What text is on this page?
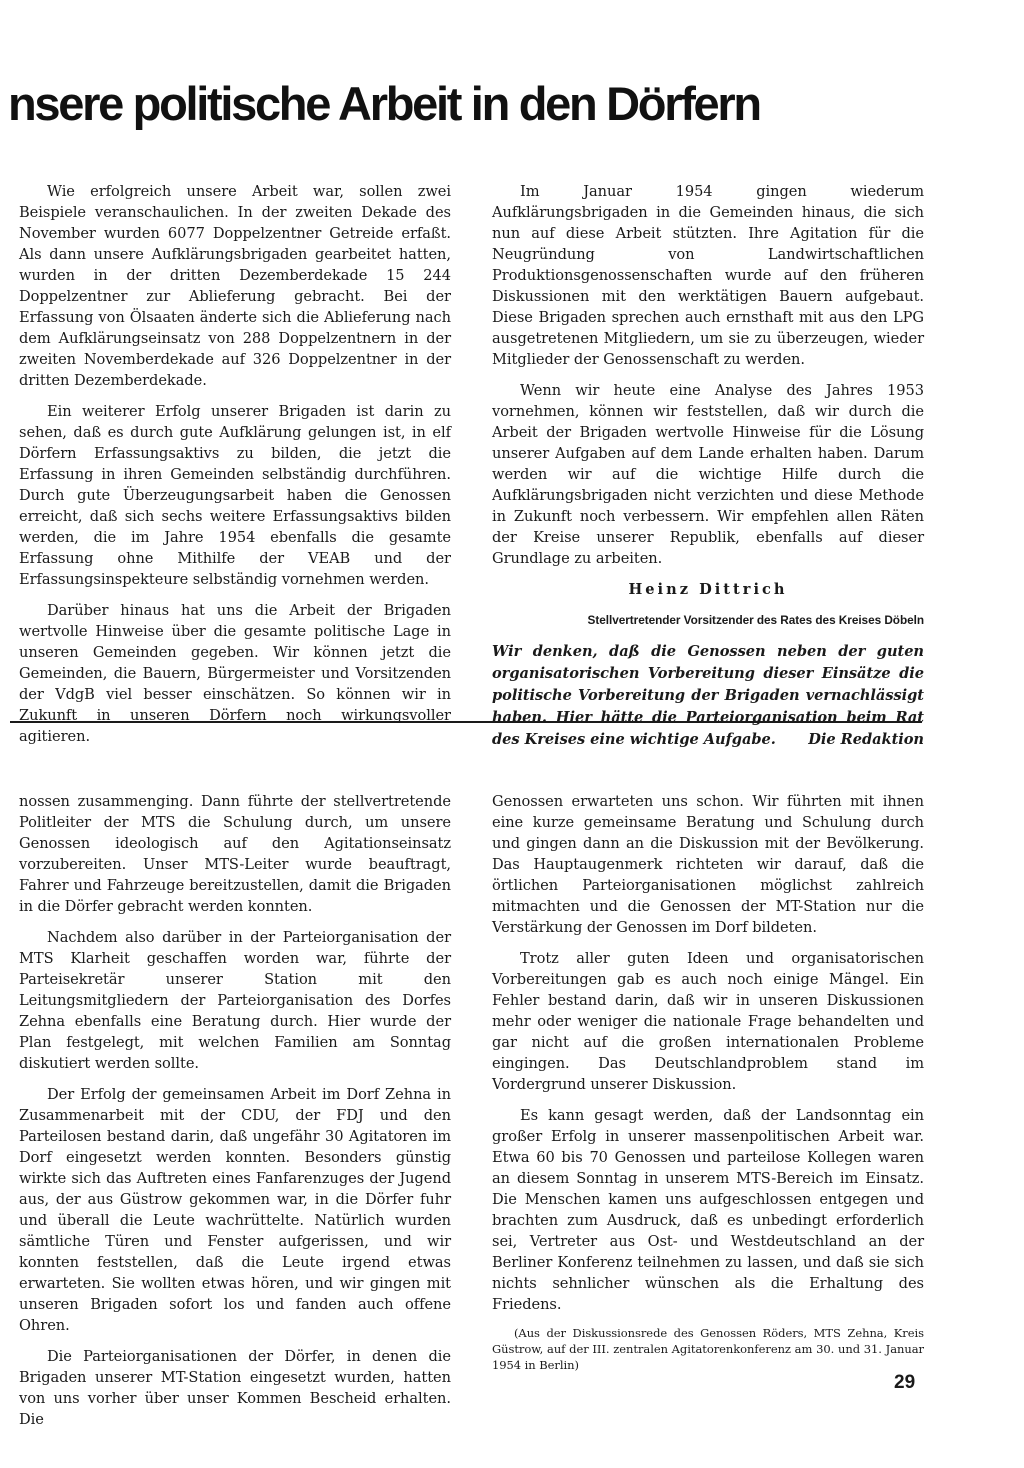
nsere politische Arbeit in den Dörfern

Wie erfolgreich unsere Arbeit war, sollen zwei Beispiele veranschaulichen. In der zweiten Dekade des November wurden 6077 Doppelzentner Getreide erfaßt. Als dann unsere Aufklärungsbrigaden gearbeitet hatten, wurden in der dritten Dezemberdekade 15 244 Doppelzentner zur Ablieferung gebracht. Bei der Erfassung von Ölsaaten änderte sich die Ablieferung nach dem Aufklärungseinsatz von 288 Doppelzentnern in der zweiten Novemberdekade auf 326 Doppelzentner in der dritten Dezemberdekade.

Ein weiterer Erfolg unserer Brigaden ist darin zu sehen, daß es durch gute Aufklärung gelungen ist, in elf Dörfern Erfassungsaktivs zu bilden, die jetzt die Erfassung in ihren Gemeinden selbständig durchführen. Durch gute Überzeugungsarbeit haben die Genossen erreicht, daß sich sechs weitere Erfassungsaktivs bilden werden, die im Jahre 1954 ebenfalls die gesamte Erfassung ohne Mithilfe der VEAB und der Erfassungsinspekteure selbständig vornehmen werden.

Darüber hinaus hat uns die Arbeit der Brigaden wertvolle Hinweise über die gesamte politische Lage in unseren Gemeinden gegeben. Wir können jetzt die Gemeinden, die Bauern, Bürgermeister und Vorsitzenden der VdgB viel besser einschätzen. So können wir in Zukunft in unseren Dörfern noch wirkungsvoller agitieren.

Im Januar 1954 gingen wiederum Aufklärungsbrigaden in die Gemeinden hinaus, die sich nun auf diese Arbeit stützten. Ihre Agitation für die Neugründung von Landwirtschaftlichen Produktionsgenossenschaften wurde auf den früheren Diskussionen mit den werktätigen Bauern aufgebaut. Diese Brigaden sprechen auch ernsthaft mit aus den LPG ausgetretenen Mitgliedern, um sie zu überzeugen, wieder Mitglieder der Genossenschaft zu werden.

Wenn wir heute eine Analyse des Jahres 1953 vornehmen, können wir feststellen, daß wir durch die Arbeit der Brigaden wertvolle Hinweise für die Lösung unserer Aufgaben auf dem Lande erhalten haben. Darum werden wir auf die wichtige Hilfe durch die Aufklärungsbrigaden nicht verzichten und diese Methode in Zukunft noch verbessern. Wir empfehlen allen Räten der Kreise unserer Republik, ebenfalls auf dieser Grundlage zu arbeiten.

Heinz Dittrich

Stellvertretender Vorsitzender des Rates des Kreises Döbeln

Wir denken, daß die Genossen neben der guten organisatorischen Vorbereitung dieser Einsätze die politische Vorbereitung der Brigaden vernachlässigt haben. Hier hätte die Parteiorganisation beim Rat des Kreises eine wichtige Aufgabe. Die Redaktion

nossen zusammenging. Dann führte der stellvertretende Politleiter der MTS die Schulung durch, um unsere Genossen ideologisch auf den Agitationseinsatz vorzubereiten. Unser MTS-Leiter wurde beauftragt, Fahrer und Fahrzeuge bereitzustellen, damit die Brigaden in die Dörfer gebracht werden konnten.

Nachdem also darüber in der Parteiorganisation der MTS Klarheit geschaffen worden war, führte der Parteisekretär unserer Station mit den Leitungsmitgliedern der Parteiorganisation des Dorfes Zehna ebenfalls eine Beratung durch. Hier wurde der Plan festgelegt, mit welchen Familien am Sonntag diskutiert werden sollte.

Der Erfolg der gemeinsamen Arbeit im Dorf Zehna in Zusammenarbeit mit der CDU, der FDJ und den Parteilosen bestand darin, daß ungefähr 30 Agitatoren im Dorf eingesetzt werden konnten. Besonders günstig wirkte sich das Auftreten eines Fanfarenzuges der Jugend aus, der aus Güstrow gekommen war, in die Dörfer fuhr und überall die Leute wachrüttelte. Natürlich wurden sämtliche Türen und Fenster aufgerissen, und wir konnten feststellen, daß die Leute irgend etwas erwarteten. Sie wollten etwas hören, und wir gingen mit unseren Brigaden sofort los und fanden auch offene Ohren.

Die Parteiorganisationen der Dörfer, in denen die Brigaden unserer MT-Station eingesetzt wurden, hatten von uns vorher über unser Kommen Bescheid erhalten. Die

Genossen erwarteten uns schon. Wir führten mit ihnen eine kurze gemeinsame Beratung und Schulung durch und gingen dann an die Diskussion mit der Bevölkerung. Das Hauptaugenmerk richteten wir darauf, daß die örtlichen Parteiorganisationen möglichst zahlreich mitmachten und die Genossen der MT-Station nur die Verstärkung der Genossen im Dorf bildeten.

Trotz aller guten Ideen und organisatorischen Vorbereitungen gab es auch noch einige Mängel. Ein Fehler bestand darin, daß wir in unseren Diskussionen mehr oder weniger die nationale Frage behandelten und gar nicht auf die großen internationalen Probleme eingingen. Das Deutschlandproblem stand im Vordergrund unserer Diskussion.

Es kann gesagt werden, daß der Landsonntag ein großer Erfolg in unserer massenpolitischen Arbeit war. Etwa 60 bis 70 Genossen und parteilose Kollegen waren an diesem Sonntag in unserem MTS-Bereich im Einsatz. Die Menschen kamen uns aufgeschlossen entgegen und brachten zum Ausdruck, daß es unbedingt erforderlich sei, Vertreter aus Ost- und Westdeutschland an der Berliner Konferenz teilnehmen zu lassen, und daß sie sich nichts sehnlicher wünschen als die Erhaltung des Friedens.

(Aus der Diskussionsrede des Genossen Röders, MTS Zehna, Kreis Güstrow, auf der III. zentralen Agitatorenkonferenz am 30. und 31. Januar 1954 in Berlin)

29
